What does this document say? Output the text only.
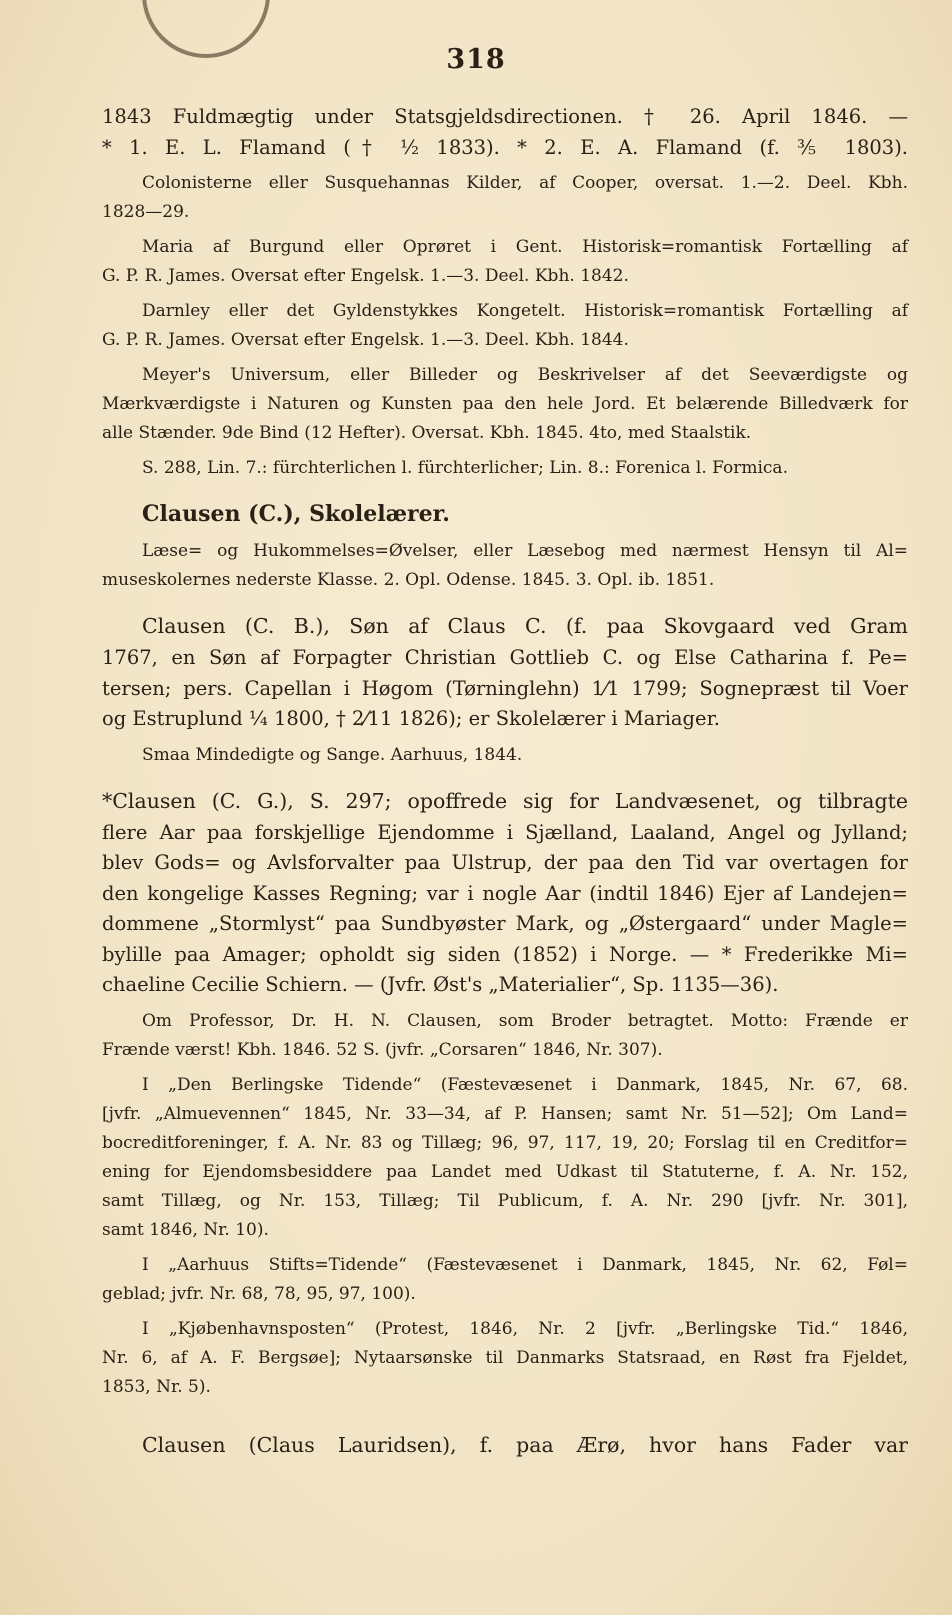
318
1843 Fuldmægtig under Statsgjeldsdirectionen. † 26. April 1846. —
* 1. E. L. Flamand († ½ 1833). * 2. E. A. Flamand (f. ⅗ 1803).
Colonisterne eller Susquehannas Kilder, af Cooper, oversat. 1.—2. Deel. Kbh.
1828—29.
Maria af Burgund eller Oprøret i Gent. Historisk=romantisk Fortælling af
G. P. R. James. Oversat efter Engelsk. 1.—3. Deel. Kbh. 1842.
Darnley eller det Gyldenstykkes Kongetelt. Historisk=romantisk Fortælling af
G. P. R. James. Oversat efter Engelsk. 1.—3. Deel. Kbh. 1844.
Meyer's Universum, eller Billeder og Beskrivelser af det Seeværdigste og
Mærkværdigste i Naturen og Kunsten paa den hele Jord. Et belærende Billedværk for
alle Stænder. 9de Bind (12 Hefter). Oversat. Kbh. 1845. 4to, med Staalstik.
S. 288, Lin. 7.: fürchterlichen l. fürchterlicher; Lin. 8.: Forenica l. Formica.
Clausen (C.), Skolelærer.
Læse= og Hukommelses=Øvelser, eller Læsebog med nærmest Hensyn til Al=
museskolernes nederste Klasse. 2. Opl. Odense. 1845. 3. Opl. ib. 1851.
Clausen (C. B.), Søn af Claus C. (f. paa Skovgaard ved Gram
1767, en Søn af Forpagter Christian Gottlieb C. og Else Catharina f. Pe=
tersen; pers. Capellan i Høgom (Tørninglehn) 1⁄1 1799; Sognepræst til Voer
og Estruplund ¼ 1800, † 2⁄11 1826); er Skolelærer i Mariager.
Smaa Mindedigte og Sange. Aarhuus, 1844.
*Clausen (C. G.), S. 297; opoffrede sig for Landvæsenet, og tilbragte
flere Aar paa forskjellige Ejendomme i Sjælland, Laaland, Angel og Jylland;
blev Gods= og Avlsforvalter paa Ulstrup, der paa den Tid var overtagen for
den kongelige Kasses Regning; var i nogle Aar (indtil 1846) Ejer af Landejen=
dommene „Stormlyst“ paa Sundbyøster Mark, og „Østergaard“ under Magle=
bylille paa Amager; opholdt sig siden (1852) i Norge. — * Frederikke Mi=
chaeline Cecilie Schiern. — (Jvfr. Øst's „Materialier“, Sp. 1135—36).
Om Professor, Dr. H. N. Clausen, som Broder betragtet. Motto: Frænde er
Frænde værst! Kbh. 1846. 52 S. (jvfr. „Corsaren“ 1846, Nr. 307).
I „Den Berlingske Tidende“ (Fæstevæsenet i Danmark, 1845, Nr. 67, 68.
[jvfr. „Almuevennen“ 1845, Nr. 33—34, af P. Hansen; samt Nr. 51—52]; Om Land=
bocreditforeninger, f. A. Nr. 83 og Tillæg; 96, 97, 117, 19, 20; Forslag til en Creditfor=
ening for Ejendomsbesiddere paa Landet med Udkast til Statuterne, f. A. Nr. 152,
samt Tillæg, og Nr. 153, Tillæg; Til Publicum, f. A. Nr. 290 [jvfr. Nr. 301],
samt 1846, Nr. 10).
I „Aarhuus Stifts=Tidende“ (Fæstevæsenet i Danmark, 1845, Nr. 62, Føl=
geblad; jvfr. Nr. 68, 78, 95, 97, 100).
I „Kjøbenhavnsposten“ (Protest, 1846, Nr. 2 [jvfr. „Berlingske Tid.“ 1846,
Nr. 6, af A. F. Bergsøe]; Nytaarsønske til Danmarks Statsraad, en Røst fra Fjeldet,
1853, Nr. 5).
Clausen (Claus Lauridsen), f. paa Ærø, hvor hans Fader var
